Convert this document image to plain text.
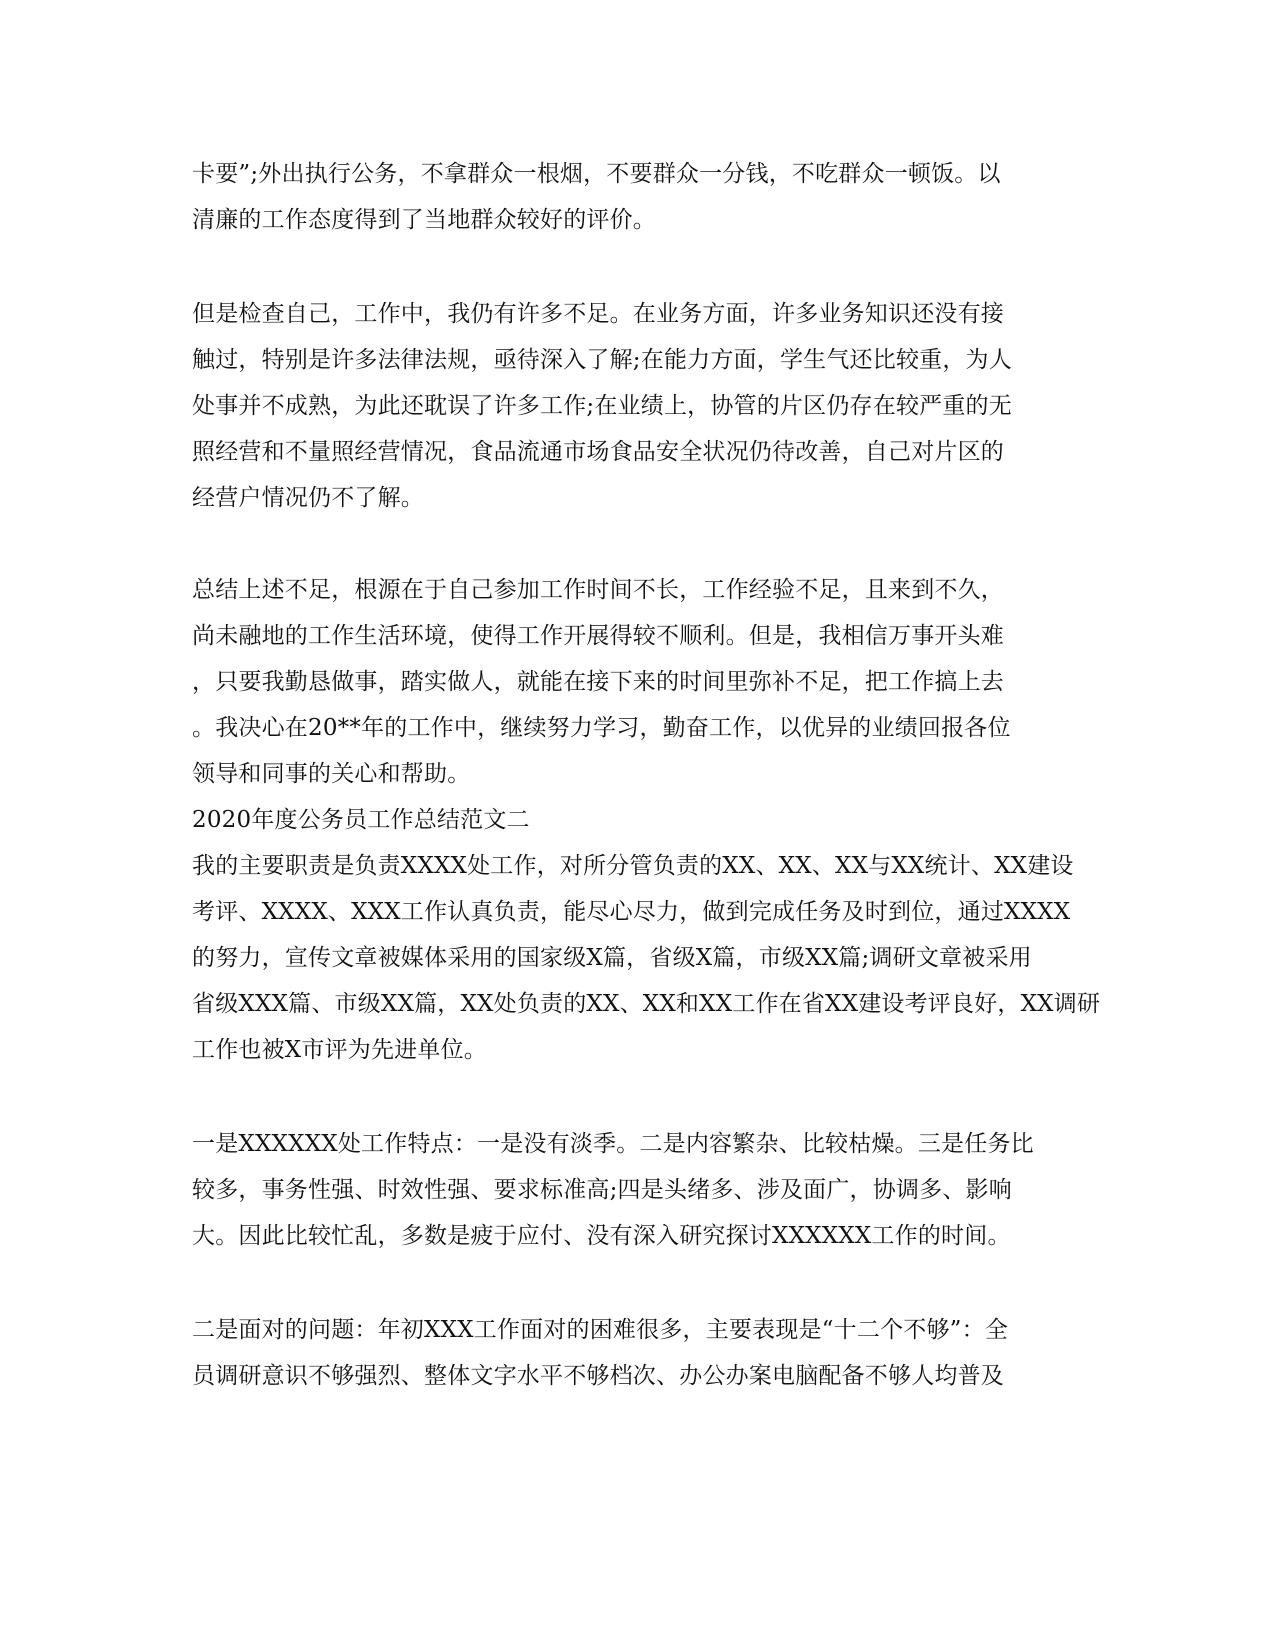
卡要”;外出执行公务，不拿群众一根烟，不要群众一分钱，不吃群众一顿饭。以
清廉的工作态度得到了当地群众较好的评价。
但是检查自己，工作中，我仍有许多不足。在业务方面，许多业务知识还没有接
触过，特别是许多法律法规，亟待深入了解;在能力方面，学生气还比较重，为人
处事并不成熟，为此还耽误了许多工作;在业绩上，协管的片区仍存在较严重的无
照经营和不量照经营情况，食品流通市场食品安全状况仍待改善，自己对片区的
经营户情况仍不了解。
总结上述不足，根源在于自己参加工作时间不长，工作经验不足，且来到不久，
尚未融地的工作生活环境，使得工作开展得较不顺利。但是，我相信万事开头难
，只要我勤恳做事，踏实做人，就能在接下来的时间里弥补不足，把工作搞上去
。我决心在20**年的工作中，继续努力学习，勤奋工作，以优异的业绩回报各位
领导和同事的关心和帮助。
2020年度公务员工作总结范文二
我的主要职责是负责XXXX处工作，对所分管负责的XX、XX、XX与XX统计、XX建设
考评、XXXX、XXX工作认真负责，能尽心尽力，做到完成任务及时到位，通过XXXX
的努力，宣传文章被媒体采用的国家级X篇，省级X篇，市级XX篇;调研文章被采用
省级XXX篇、市级XX篇，XX处负责的XX、XX和XX工作在省XX建设考评良好，XX调研
工作也被X市评为先进单位。
一是XXXXXX处工作特点：一是没有淡季。二是内容繁杂、比较枯燥。三是任务比
较多，事务性强、时效性强、要求标准高;四是头绪多、涉及面广，协调多、影响
大。因此比较忙乱，多数是疲于应付、没有深入研究探讨XXXXXX工作的时间。
二是面对的问题：年初XXX工作面对的困难很多，主要表现是“十二个不够”：全
员调研意识不够强烈、整体文字水平不够档次、办公办案电脑配备不够人均普及
